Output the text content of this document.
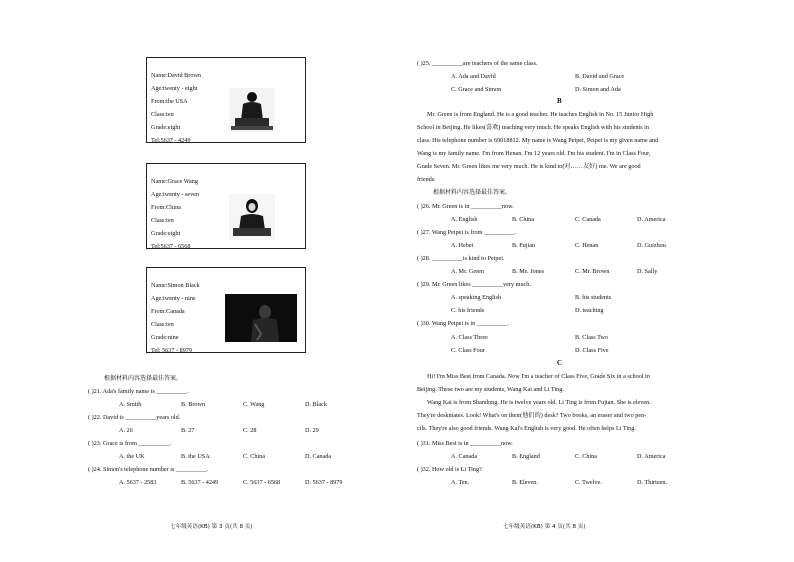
Name:David Brown
Age:twenty - eight
From:the USA
Class:ten
Grade:eight
Tel:5637 - 4249
Name:Grace Wang
Age:twenty - seven
From:China
Class:ten
Grade:eight
Tel:5637 - 6568
Name:Simon Black
Age:twenty - nine
From:Canada
Class:ten
Grade:nine
Tel: 5637 - 8979
根据材料内容选择最佳答案。
( )21. Ada's family name is __________.
A. Smith	B. Brown	C. Wang	D. Black
( )22. David is __________years old.
A. 26	B. 27	C. 28	D. 29
( )23. Grace is from __________.
A. the UK	B. the USA	C. China	D. Canada
( )24. Simon's telephone number is __________.
A. 5637 - 2583	B. 5637 - 4249	C. 5637 - 6568	D. 5637 - 8979
七年级英语(KB) 第 3 页(共 8 页)
( )25. __________are teachers of the same class.
A. Ada and David	B. David and Grace
C. Grace and Simon	D. Simon and Ada
B
Mr. Green is from England. He is a good teacher. He teaches English in No. 15 Junior High
School in Beijing. He likes(喜欢) teaching very much. He speaks English with his students in
class. His telephone number is 69018812. My name is Wang Peipei, Peipei is my given name and
Wang is my family name. I'm from Henan. I'm 12 years old. I'm his student. I'm in Class Four,
Grade Seven. Mr. Green likes me very much. He is kind to(对……友好) me. We are good
friends.
根据材料内容选择最佳答案。
( )26. Mr. Green is in __________now.
A. English	B. China	C. Canada	D. America
( )27. Wang Peipei is from __________.
A. Hebei	B. Fujian	C. Henan	D. Guizhou
( )28. __________is kind to Peipei.
A. Mr. Green	B. Ms. Jones	C. Mr. Brown	D. Sally
( )29. Mr. Green likes __________very much.
A. speaking English	B. his students
C. his friends	D. teaching
( )30. Wang Peipei is in __________.
A. Class Three	B. Class Two
C. Class Four	D. Class Five
C
Hi! I'm Miss Best from Canada. Now I'm a teacher of Class Five, Grade Six in a school in
Beijing. These two are my students, Wang Kai and Li Ting.
Wang Kai is from Shandong. He is twelve years old. Li Ting is from Fujian. She is eleven.
They're deskmates. Look! What's on their(他们的) desk? Two books, an eraser and two pen-
cils. They're also good friends. Wang Kai's English is very good. He often helps Li Ting.
( )31. Miss Best is in __________now.
A. Canada	B. England	C. China	D. America
( )32. How old is Li Ting?
A. Ten.	B. Eleven.	C. Twelve.	D. Thirteen.
七年级英语(KB) 第 4 页(共 8 页)
